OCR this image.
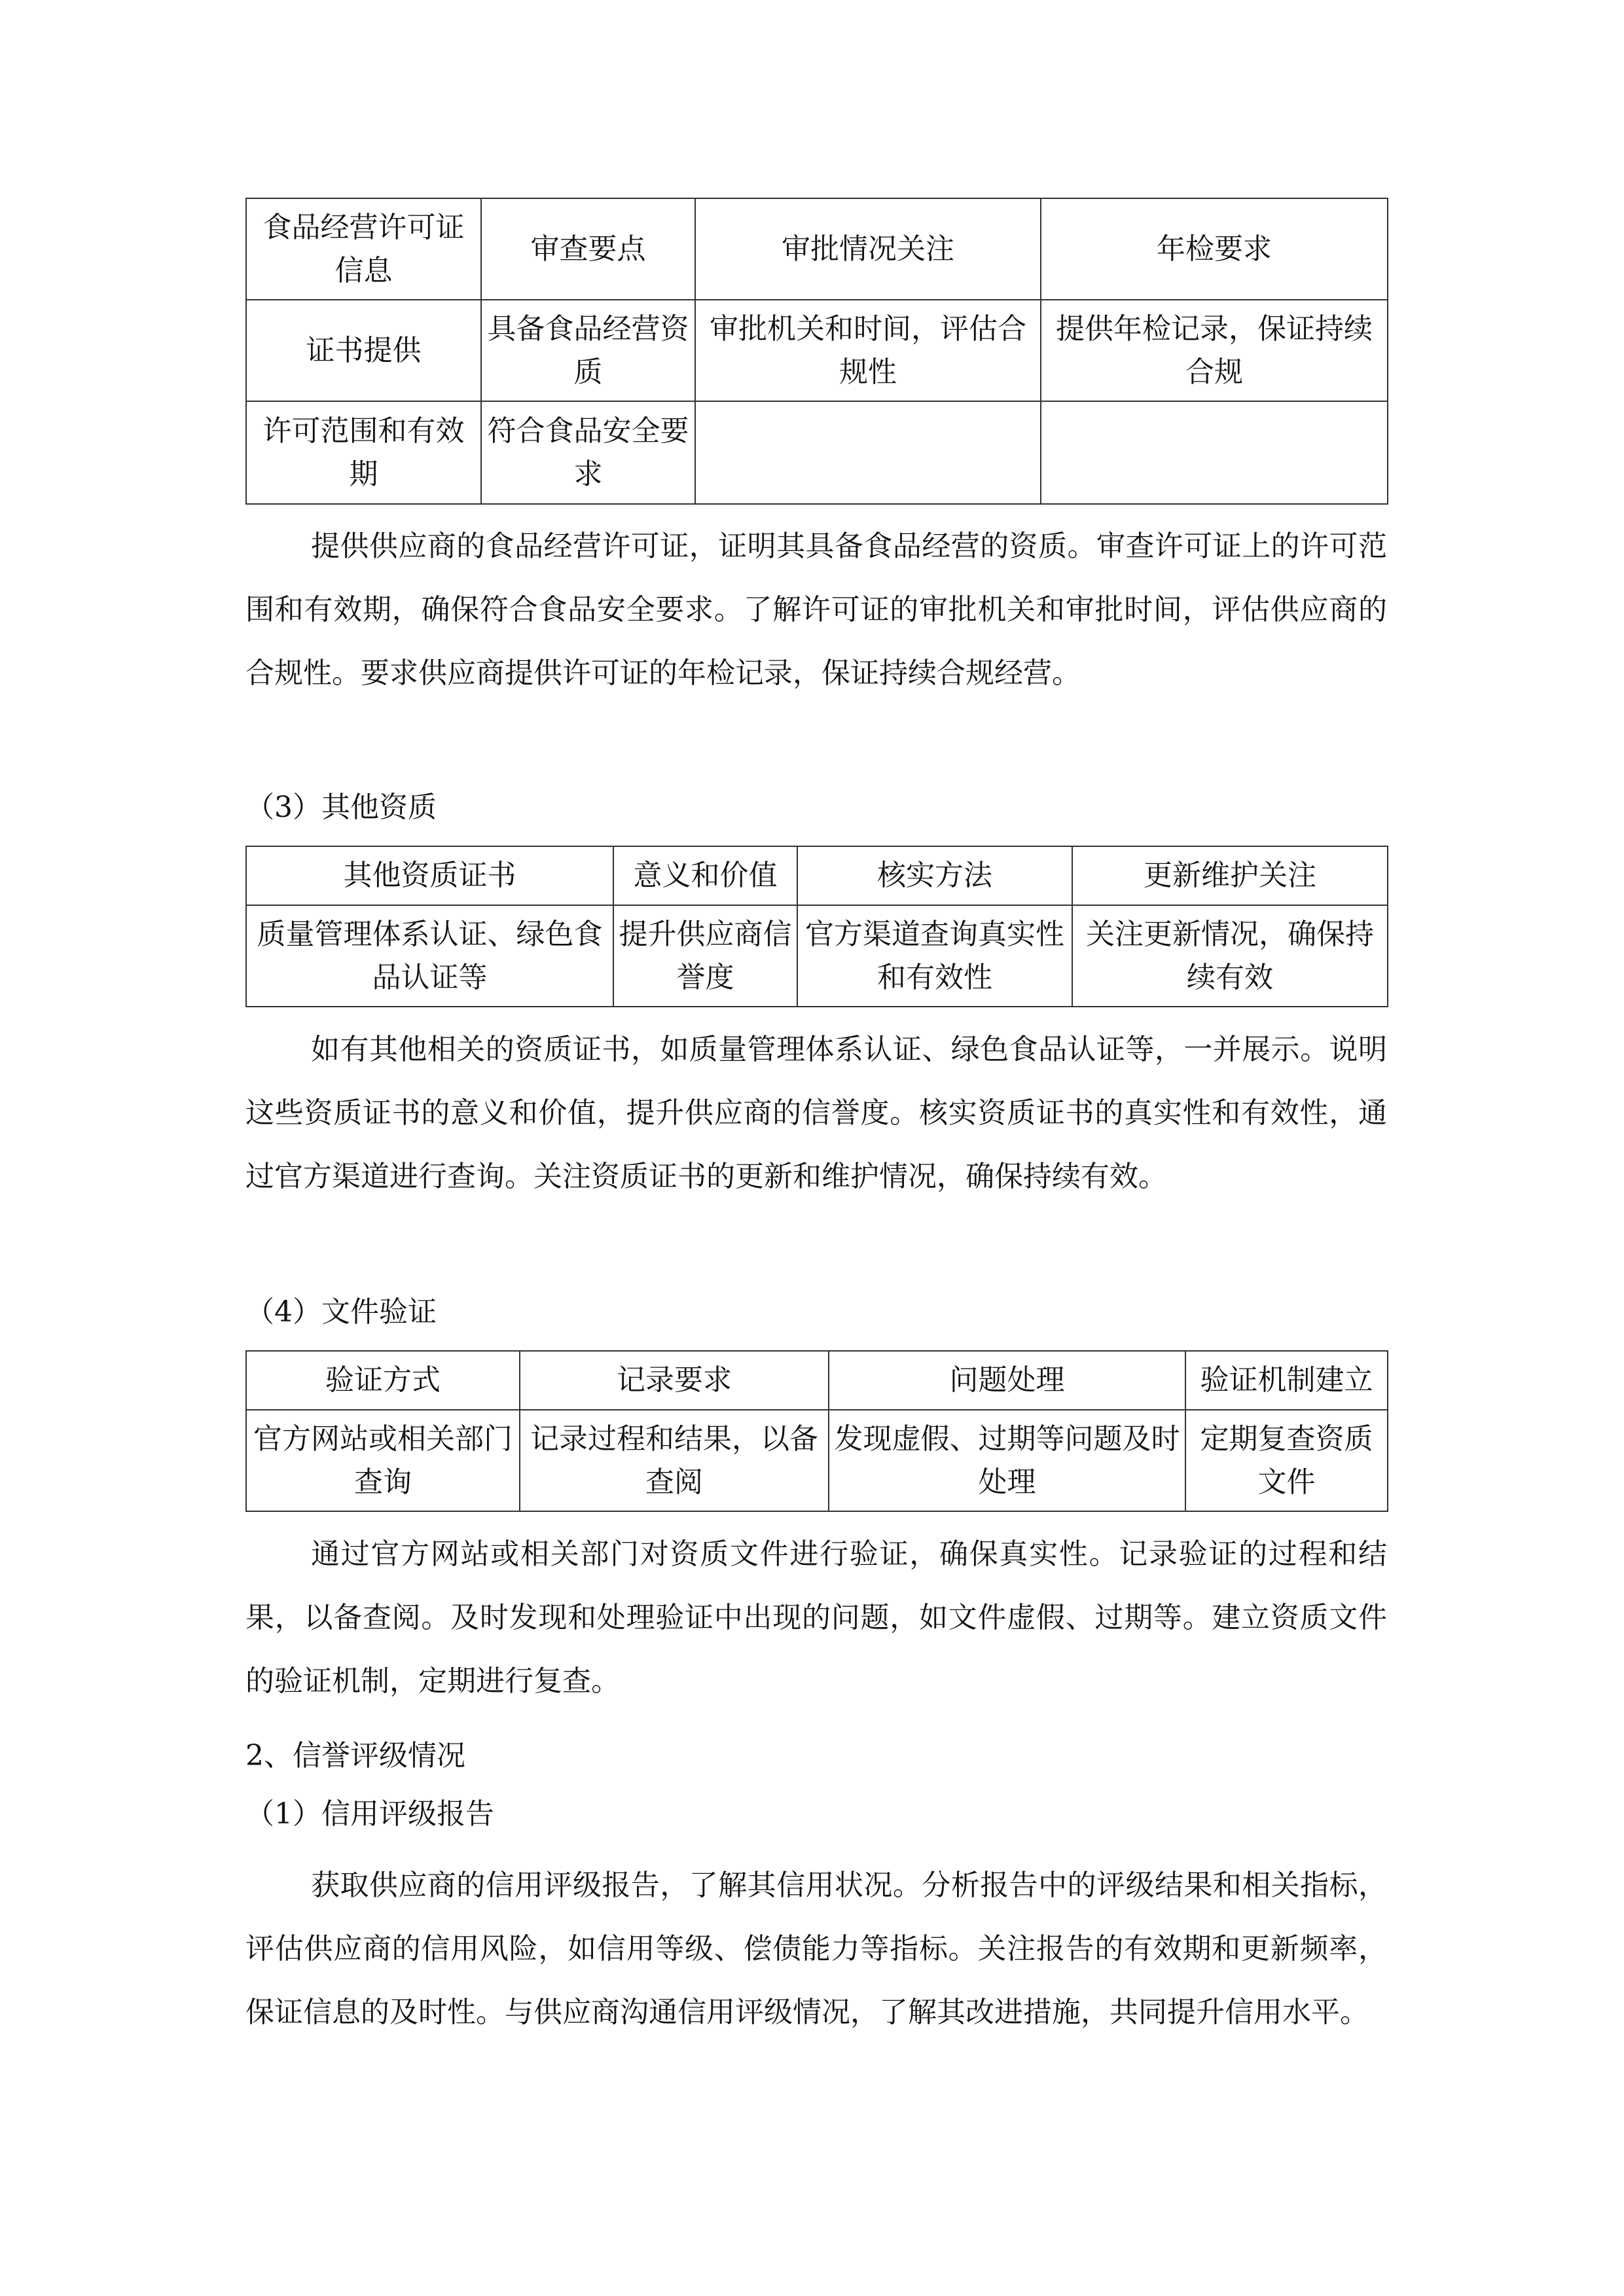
食品经营许可证信息	审查要点	审批情况关注	年检要求
证书提供	具备食品经营资质	审批机关和时间，评估合规性	提供年检记录，保证持续合规
许可范围和有效期	符合食品安全要求		

提供供应商的食品经营许可证，证明其具备食品经营的资质。审查许可证上的许可范围和有效期，确保符合食品安全要求。了解许可证的审批机关和审批时间，评估供应商的合规性。要求供应商提供许可证的年检记录，保证持续合规经营。

（3）其他资质

其他资质证书	意义和价值	核实方法	更新维护关注
质量管理体系认证、绿色食品认证等	提升供应商信誉度	官方渠道查询真实性和有效性	关注更新情况，确保持续有效

如有其他相关的资质证书，如质量管理体系认证、绿色食品认证等，一并展示。说明这些资质证书的意义和价值，提升供应商的信誉度。核实资质证书的真实性和有效性，通过官方渠道进行查询。关注资质证书的更新和维护情况，确保持续有效。

（4）文件验证

验证方式	记录要求	问题处理	验证机制建立
官方网站或相关部门查询	记录过程和结果，以备查阅	发现虚假、过期等问题及时处理	定期复查资质文件

通过官方网站或相关部门对资质文件进行验证，确保真实性。记录验证的过程和结果，以备查阅。及时发现和处理验证中出现的问题，如文件虚假、过期等。建立资质文件的验证机制，定期进行复查。

2、信誉评级情况

（1）信用评级报告

获取供应商的信用评级报告，了解其信用状况。分析报告中的评级结果和相关指标，评估供应商的信用风险，如信用等级、偿债能力等指标。关注报告的有效期和更新频率，保证信息的及时性。与供应商沟通信用评级情况，了解其改进措施，共同提升信用水平。
